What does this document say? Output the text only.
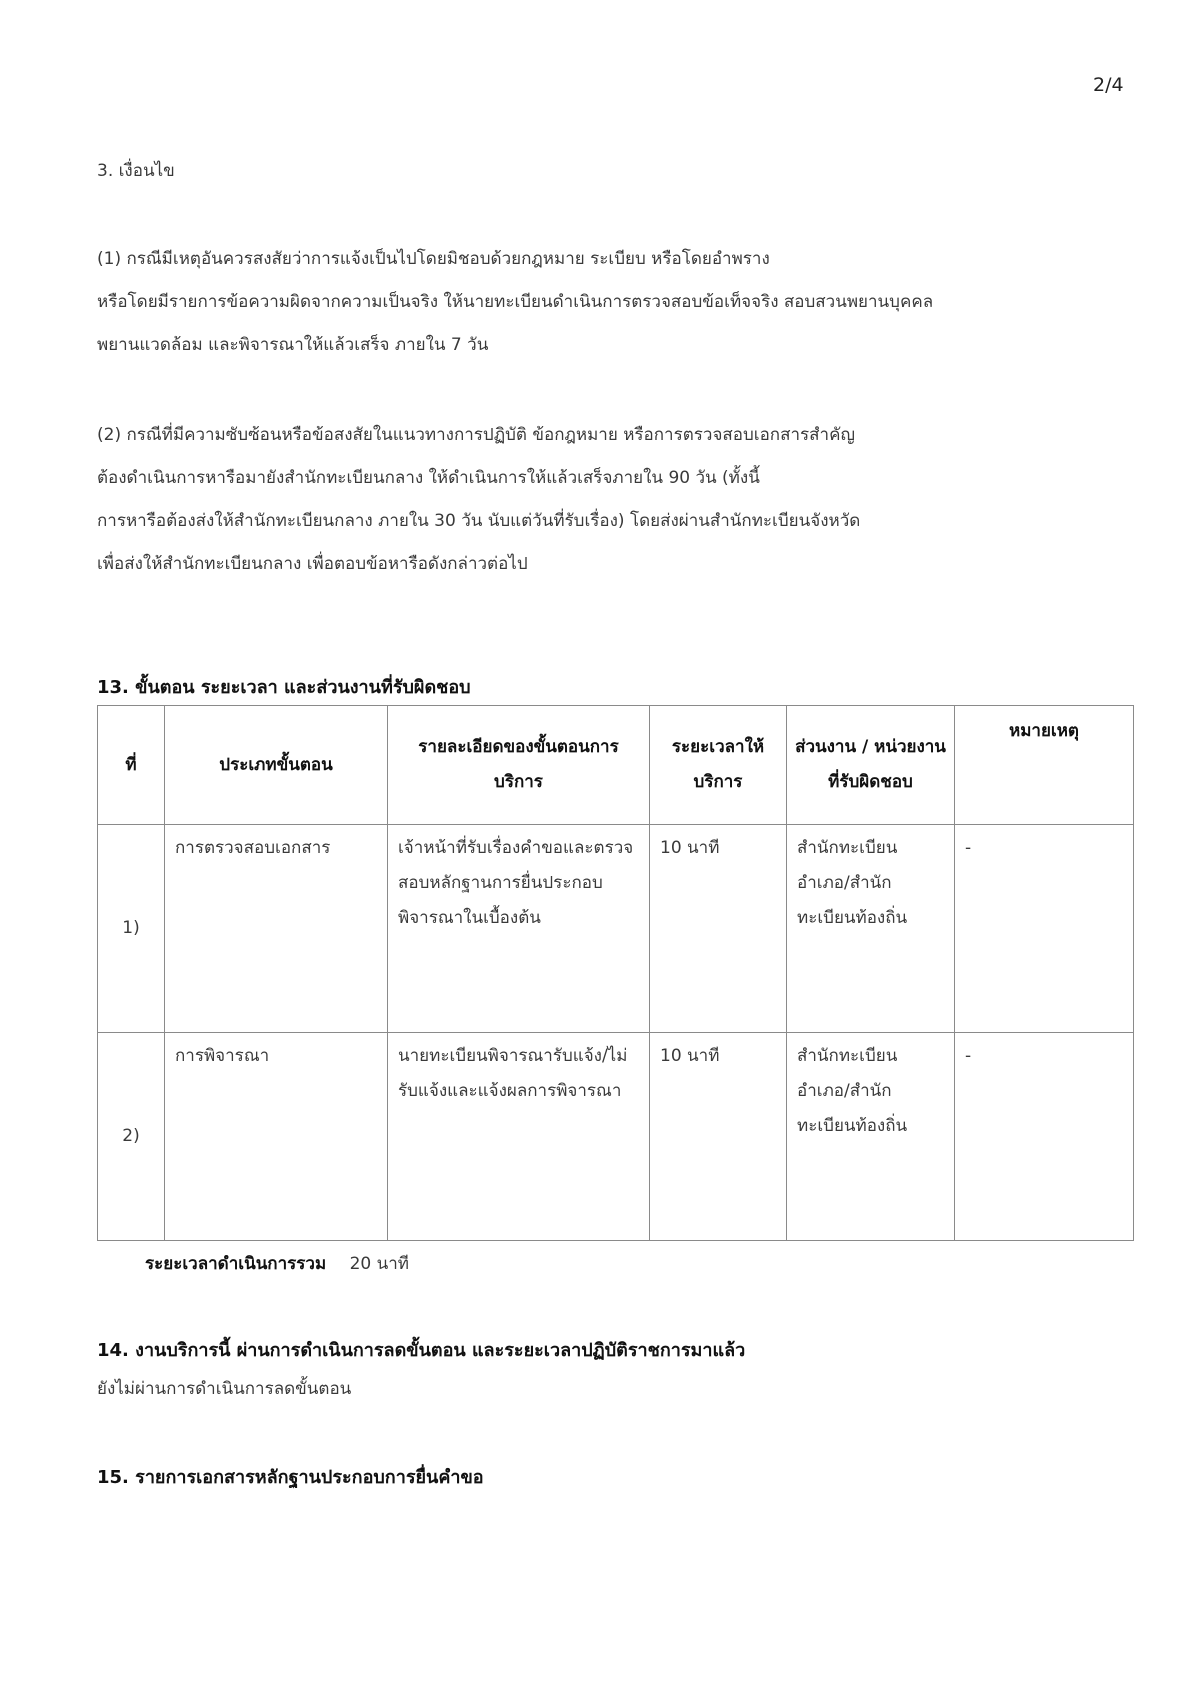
2/4
3. เงื่อนไข
(1) กรณีมีเหตุอันควรสงสัยว่าการแจ้งเป็นไปโดยมิชอบด้วยกฎหมาย ระเบียบ หรือโดยอำพราง
หรือโดยมีรายการข้อความผิดจากความเป็นจริง ให้นายทะเบียนดำเนินการตรวจสอบข้อเท็จจริง สอบสวนพยานบุคคล
พยานแวดล้อม และพิจารณาให้แล้วเสร็จ ภายใน 7 วัน
(2) กรณีที่มีความซับซ้อนหรือข้อสงสัยในแนวทางการปฏิบัติ ข้อกฎหมาย หรือการตรวจสอบเอกสารสำคัญ
ต้องดำเนินการหารือมายังสำนักทะเบียนกลาง ให้ดำเนินการให้แล้วเสร็จภายใน 90 วัน (ทั้งนี้
การหารือต้องส่งให้สำนักทะเบียนกลาง ภายใน 30 วัน นับแต่วันที่รับเรื่อง) โดยส่งผ่านสำนักทะเบียนจังหวัด
เพื่อส่งให้สำนักทะเบียนกลาง เพื่อตอบข้อหารือดังกล่าวต่อไป
13. ขั้นตอน ระยะเวลา และส่วนงานที่รับผิดชอบ
ที่	ประเภทขั้นตอน	รายละเอียดของขั้นตอนการบริการ	ระยะเวลาให้บริการ	ส่วนงาน / หน่วยงานที่รับผิดชอบ	หมายเหตุ
1)	การตรวจสอบเอกสาร	เจ้าหน้าที่รับเรื่องคำขอและตรวจสอบหลักฐานการยื่นประกอบพิจารณาในเบื้องต้น	10 นาที	สำนักทะเบียนอำเภอ/สำนักทะเบียนท้องถิ่น	-
2)	การพิจารณา	นายทะเบียนพิจารณารับแจ้ง/ไม่รับแจ้งและแจ้งผลการพิจารณา	10 นาที	สำนักทะเบียนอำเภอ/สำนักทะเบียนท้องถิ่น	-
ระยะเวลาดำเนินการรวม 20 นาที
14. งานบริการนี้ ผ่านการดำเนินการลดขั้นตอน และระยะเวลาปฏิบัติราชการมาแล้ว
ยังไม่ผ่านการดำเนินการลดขั้นตอน
15. รายการเอกสารหลักฐานประกอบการยื่นคำขอ
